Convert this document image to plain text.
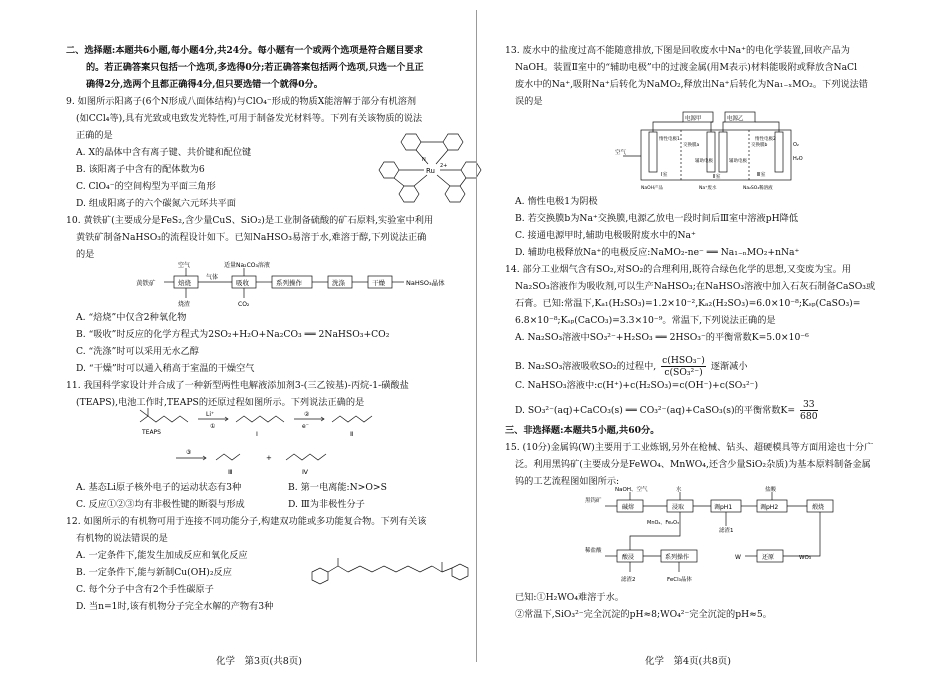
二、选择题:本题共6小题,每小题4分,共24分。每小题有一个或两个选项是符合题目要求
的。若正确答案只包括一个选项,多选得0分;若正确答案包括两个选项,只选一个且正
确得2分,选两个且都正确得4分,但只要选错一个就得0分。
9. 如图所示阳离子(6个N形成八面体结构)与ClO₄⁻形成的物质X能溶解于部分有机溶剂
(如CCl₄等),具有光致或电致发光特性,可用于制备发光材料等。下列有关该物质的说法
正确的是
A. X的晶体中含有离子键、共价键和配位键
B. 该阳离子中含有的配体数为6
C. ClO₄⁻的空间构型为平面三角形
D. 组成阳离子的六个碳氮六元环共平面
Ru
2+
N
10. 黄铁矿(主要成分是FeS₂,含少量CuS、SiO₂)是工业制备硫酸的矿石原料,实验室中利用
黄铁矿制备NaHSO₃的流程设计如下。已知NaHSO₃易溶于水,难溶于醇,下列说法正确
的是
黄铁矿
空气
焙烧
气体
适量Na₂CO₃溶液
吸收	系列操作	洗涤	干燥	NaHSO₃晶体
烧渣	CO₂
A. “焙烧”中仅含2种氧化物
B. “吸收”时反应的化学方程式为2SO₂+H₂O+Na₂CO₃ ══ 2NaHSO₃+CO₂
C. “洗涤”时可以采用无水乙醇
D. “干燥”时可以通入稍高于室温的干燥空气
11. 我国科学家设计并合成了一种新型两性电解液添加剂3-(三乙铵基)-丙烷-1-磺酸盐
(TEAPS),电池工作时,TEAPS的还原过程如图所示。下列说法正确的是
TEAPS
Li⁺
①
Ⅰ
②
e⁻
Ⅱ
③
Ⅲ
+
Ⅳ
A. 基态Li原子核外电子的运动状态有3种	B. 第一电离能:N>O>S
C. 反应①②③均有非极性键的断裂与形成	D. Ⅲ为非极性分子
12. 如图所示的有机物可用于连接不同功能分子,构建双功能或多功能复合物。下列有关该
有机物的说法错误的是
A. 一定条件下,能发生加成反应和氧化反应
B. 一定条件下,能与新制Cu(OH)₂反应
C. 每个分子中含有2个手性碳原子
D. 当n=1时,该有机物分子完全水解的产物有3种
化学　第3页(共8页)
13. 废水中的盐度过高不能随意排放,下图是回收废水中Na⁺的电化学装置,回收产品为
NaOH。装置Ⅱ室中的“辅助电极”中的过渡金属(用M表示)材料能吸附或释放含NaCl
废水中的Na⁺,吸附Na⁺后转化为NaMO₂,释放出Na⁺后转化为Na₁₋ₓMO₂。下列说法错
误的是
电源甲	电源乙
空气
惰性电极1
交换膜a
辅助电极	辅助电极
交换膜b
惰性电极2
Ⅰ室	Ⅱ室	Ⅲ室
NaOH产品	Na⁺废水	Na₂SO₄稀溶液
O₂
H₂O
A. 惰性电极1为阴极
B. 若交换膜b为Na⁺交换膜,电源乙放电一段时间后Ⅲ室中溶液pH降低
C. 接通电源甲时,辅助电极吸附废水中的Na⁺
D. 辅助电极释放Na⁺的电极反应:NaMO₂-ne⁻ ══ Na₁₋ₙMO₂+nNa⁺
14. 部分工业烟气含有SO₂,对SO₂的合理利用,既符合绿色化学的思想,又变废为宝。用
Na₂SO₃溶液作为吸收剂,可以生产NaHSO₃;在NaHSO₃溶液中加入石灰石制备CaSO₃或
石膏。已知:常温下,Kₐ₁(H₂SO₃)=1.2×10⁻²,Kₐ₂(H₂SO₃)=6.0×10⁻⁸;Kₛₚ(CaSO₃)=
6.8×10⁻⁸;Kₛₚ(CaCO₃)=3.3×10⁻⁹。常温下,下列说法正确的是
A. Na₂SO₃溶液中SO₃²⁻+H₂SO₃ ══ 2HSO₃⁻的平衡常数K=5.0×10⁻⁶
B. Na₂SO₃溶液吸收SO₂的过程中,
c(HSO₃⁻)
c(SO₃²⁻)
逐渐减小
C. NaHSO₃溶液中:c(H⁺)+c(H₂SO₃)=c(OH⁻)+c(SO₃²⁻)
D. SO₃²⁻(aq)+CaCO₃(s) ══ CO₃²⁻(aq)+CaSO₃(s)的平衡常数$K= \frac{33}{680}$
三、非选择题:本题共5小题,共60分。
15. (10分)金属钨(W)主要用于工业炼钢,另外在枪械、钻头、超硬模具等方面用途也十分广
泛。利用黑钨矿(主要成分是FeWO₄、MnWO₄,还含少量SiO₂杂质)为基本原料制备金属
钨的工艺流程图如图所示:
黑钨矿
NaOH、空气	水
碱熔	浸取	调pH1	调pH2	煅烧
MnO₂、Fe₂O₃
滤渣1
盐酸
稀盐酸
酸浸	系列操作
滤渣2	FeCl₃晶体
还原
W	WO₃
已知:①H₂WO₄难溶于水。
②常温下,SiO₃²⁻完全沉淀的pH≈8;WO₄²⁻完全沉淀的pH≈5。
化学　第4页(共8页)
